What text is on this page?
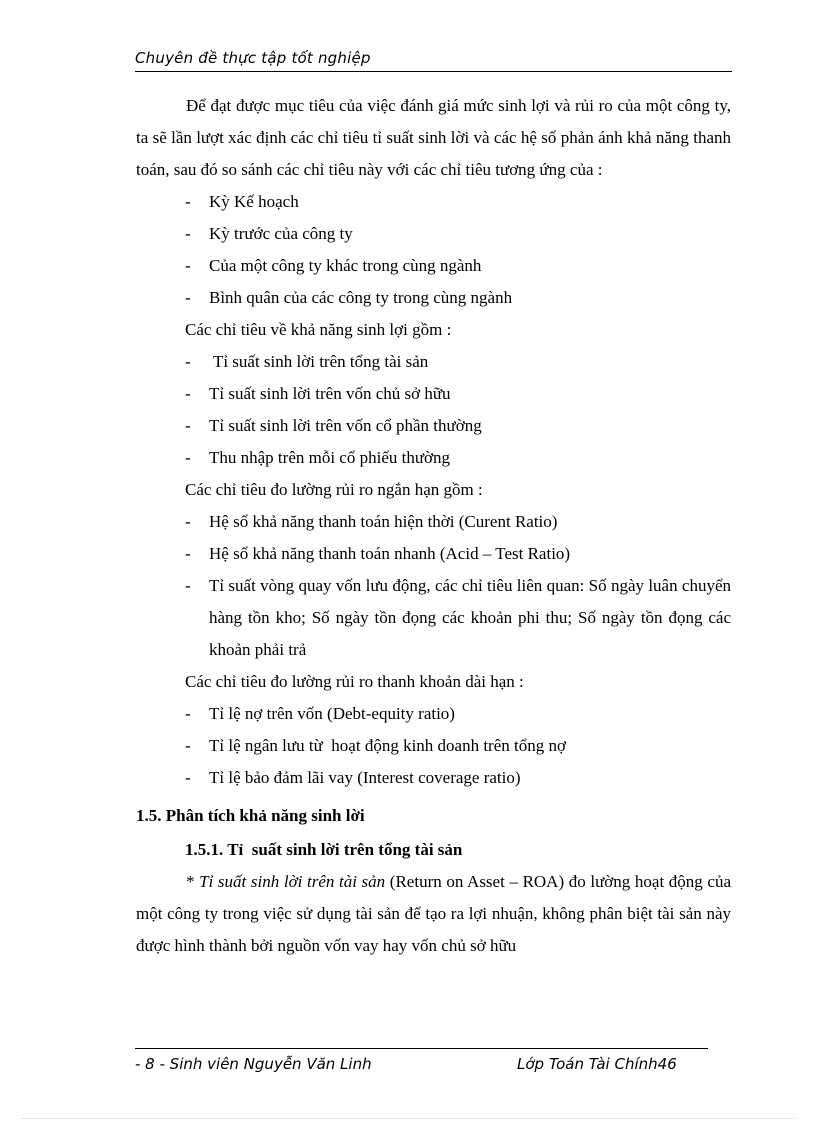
Chuyên đề thực tập tốt nghiệp

Để đạt được mục tiêu của việc đánh giá mức sinh lợi và rủi ro của một công ty, ta sẽ lần lượt xác định các chỉ tiêu tỉ suất sinh lời và các hệ số phản ánh khả năng thanh toán, sau đó so sánh các chỉ tiêu này với các chỉ tiêu tương ứng của :

-	Kỳ Kế hoạch
-	Kỳ trước của công ty
-	Của một công ty khác trong cùng ngành
-	Bình quân của các công ty trong cùng ngành

Các chỉ tiêu về khả năng sinh lợi gồm :

-	Tỉ suất sinh lời trên tổng tài sản
-	Tỉ suất sinh lời trên vốn chủ sở hữu
-	Tỉ suất sinh lời trên vốn cổ phần thường
-	Thu nhập trên mỗi cổ phiếu thường

Các chỉ tiêu đo lường rủi ro ngắn hạn gồm :

-	Hệ số khả năng thanh toán hiện thời (Curent Ratio)
-	Hệ số khả năng thanh toán nhanh (Acid – Test Ratio)
-	Tỉ suất vòng quay vốn lưu động, các chỉ tiêu liên quan: Số ngày luân chuyển hàng tồn kho; Số ngày tồn đọng các khoản phi thu; Số ngày tồn đọng các khoản phải trả

Các chỉ tiêu đo lường rủi ro thanh khoản dài hạn :

-	Tỉ lệ nợ trên vốn (Debt-equity ratio)
-	Tỉ lệ ngân lưu từ  hoạt động kinh doanh trên tổng nợ
-	Tỉ lệ bảo đảm lãi vay (Interest coverage ratio)

1.5. Phân tích khả năng sinh lời

1.5.1. Tỉ  suất sinh lời trên tổng tài sản

* Tỉ suất sinh lời trên tài sản (Return on Asset – ROA) đo lường hoạt động của một công ty trong việc sử dụng tài sản để tạo ra lợi nhuận, không phân biệt tài sản này được hình thành bởi nguồn vốn vay hay vốn chủ sở hữu

- 8 - Sinh viên Nguyễn Văn Linh	Lớp Toán Tài Chính46
